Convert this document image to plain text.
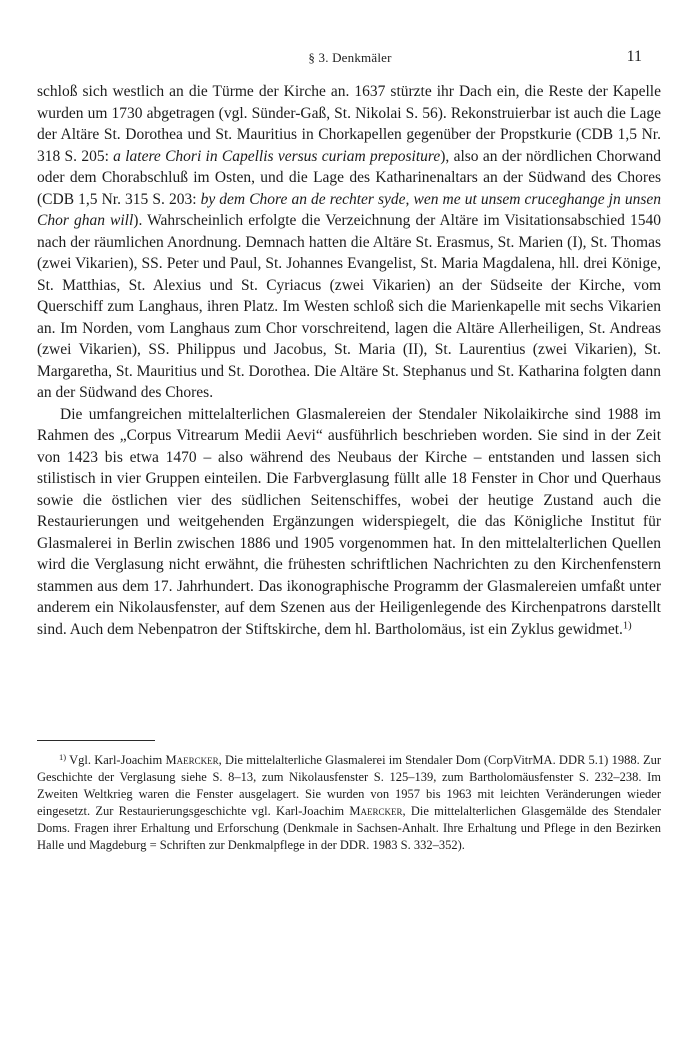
§ 3. Denkmäler	11

schloß sich westlich an die Türme der Kirche an. 1637 stürzte ihr Dach ein, die Reste der Kapelle wurden um 1730 abgetragen (vgl. Sünder-Gaß, St. Nikolai S. 56). Rekonstruierbar ist auch die Lage der Altäre St. Dorothea und St. Mauritius in Chorkapellen gegenüber der Propstkurie (CDB 1,5 Nr. 318 S. 205: a latere Chori in Capellis versus curiam prepositure), also an der nördlichen Chorwand oder dem Chorabschluß im Osten, und die Lage des Katharinenaltars an der Südwand des Chores (CDB 1,5 Nr. 315 S. 203: by dem Chore an de rechter syde, wen me ut unsem cruceghange jn unsen Chor ghan will). Wahrscheinlich erfolgte die Verzeichnung der Altäre im Visitationsabschied 1540 nach der räumlichen Anordnung. Demnach hatten die Altäre St. Erasmus, St. Marien (I), St. Thomas (zwei Vikarien), SS. Peter und Paul, St. Johannes Evangelist, St. Maria Magdalena, hll. drei Könige, St. Matthias, St. Alexius und St. Cyriacus (zwei Vikarien) an der Südseite der Kirche, vom Querschiff zum Langhaus, ihren Platz. Im Westen schloß sich die Marienkapelle mit sechs Vikarien an. Im Norden, vom Langhaus zum Chor vorschreitend, lagen die Altäre Allerheiligen, St. Andreas (zwei Vikarien), SS. Philippus und Jacobus, St. Maria (II), St. Laurentius (zwei Vikarien), St. Margaretha, St. Mauritius und St. Dorothea. Die Altäre St. Stephanus und St. Katharina folgten dann an der Südwand des Chores.

Die umfangreichen mittelalterlichen Glasmalereien der Stendaler Nikolaikirche sind 1988 im Rahmen des „Corpus Vitrearum Medii Aevi“ ausführlich beschrieben worden. Sie sind in der Zeit von 1423 bis etwa 1470 – also während des Neubaus der Kirche – entstanden und lassen sich stilistisch in vier Gruppen einteilen. Die Farbverglasung füllt alle 18 Fenster in Chor und Querhaus sowie die östlichen vier des südlichen Seitenschiffes, wobei der heutige Zustand auch die Restaurierungen und weitgehenden Ergänzungen widerspiegelt, die das Königliche Institut für Glasmalerei in Berlin zwischen 1886 und 1905 vorgenommen hat. In den mittelalterlichen Quellen wird die Verglasung nicht erwähnt, die frühesten schriftlichen Nachrichten zu den Kirchenfenstern stammen aus dem 17. Jahrhundert. Das ikonographische Programm der Glasmalereien umfaßt unter anderem ein Nikolausfenster, auf dem Szenen aus der Heiligenlegende des Kirchenpatrons darstellt sind. Auch dem Nebenpatron der Stiftskirche, dem hl. Bartholomäus, ist ein Zyklus gewidmet.$^{1)}$

$^{1)}$ Vgl. Karl-Joachim Maercker, Die mittelalterliche Glasmalerei im Stendaler Dom (CorpVitrMA. DDR 5.1) 1988. Zur Geschichte der Verglasung siehe S. 8–13, zum Nikolausfenster S. 125–139, zum Bartholomäusfenster S. 232–238. Im Zweiten Weltkrieg waren die Fenster ausgelagert. Sie wurden von 1957 bis 1963 mit leichten Veränderungen wieder eingesetzt. Zur Restaurierungsgeschichte vgl. Karl-Joachim Maercker, Die mittelalterlichen Glasgemälde des Stendaler Doms. Fragen ihrer Erhaltung und Erforschung (Denkmale in Sachsen-Anhalt. Ihre Erhaltung und Pflege in den Bezirken Halle und Magdeburg = Schriften zur Denkmalpflege in der DDR. 1983 S. 332–352).
